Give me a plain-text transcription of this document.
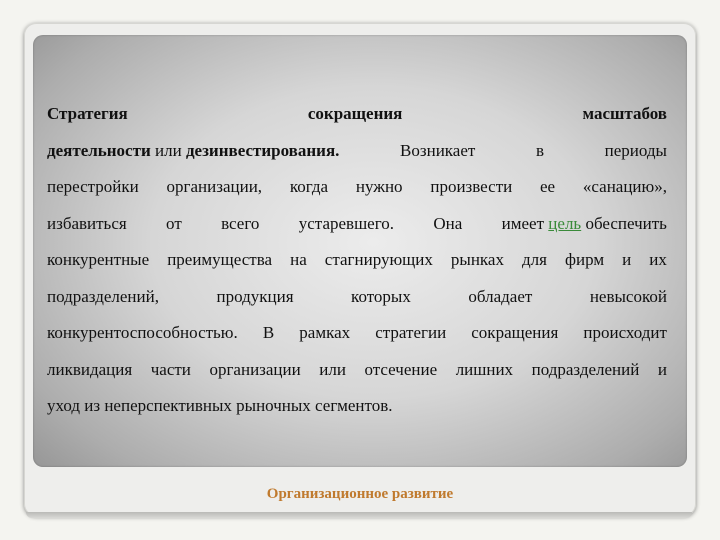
Стратегия	сокращения	масштабов
деятельности или дезинвестирования.	Возникает	в	периоды
перестройки организации, когда нужно произвести ее «санацию»,
избавиться от всего устаревшего. Она имеет цель обеспечить
конкурентные преимущества на стагнирующих рынках для фирм и их
подразделений,	продукция	которых	обладает	невысокой
конкурентоспособностью. В рамках стратегии сокращения происходит
ликвидация части организации или отсечение лишних подразделений и
уход из неперспективных рыночных сегментов.
Организационное развитие
